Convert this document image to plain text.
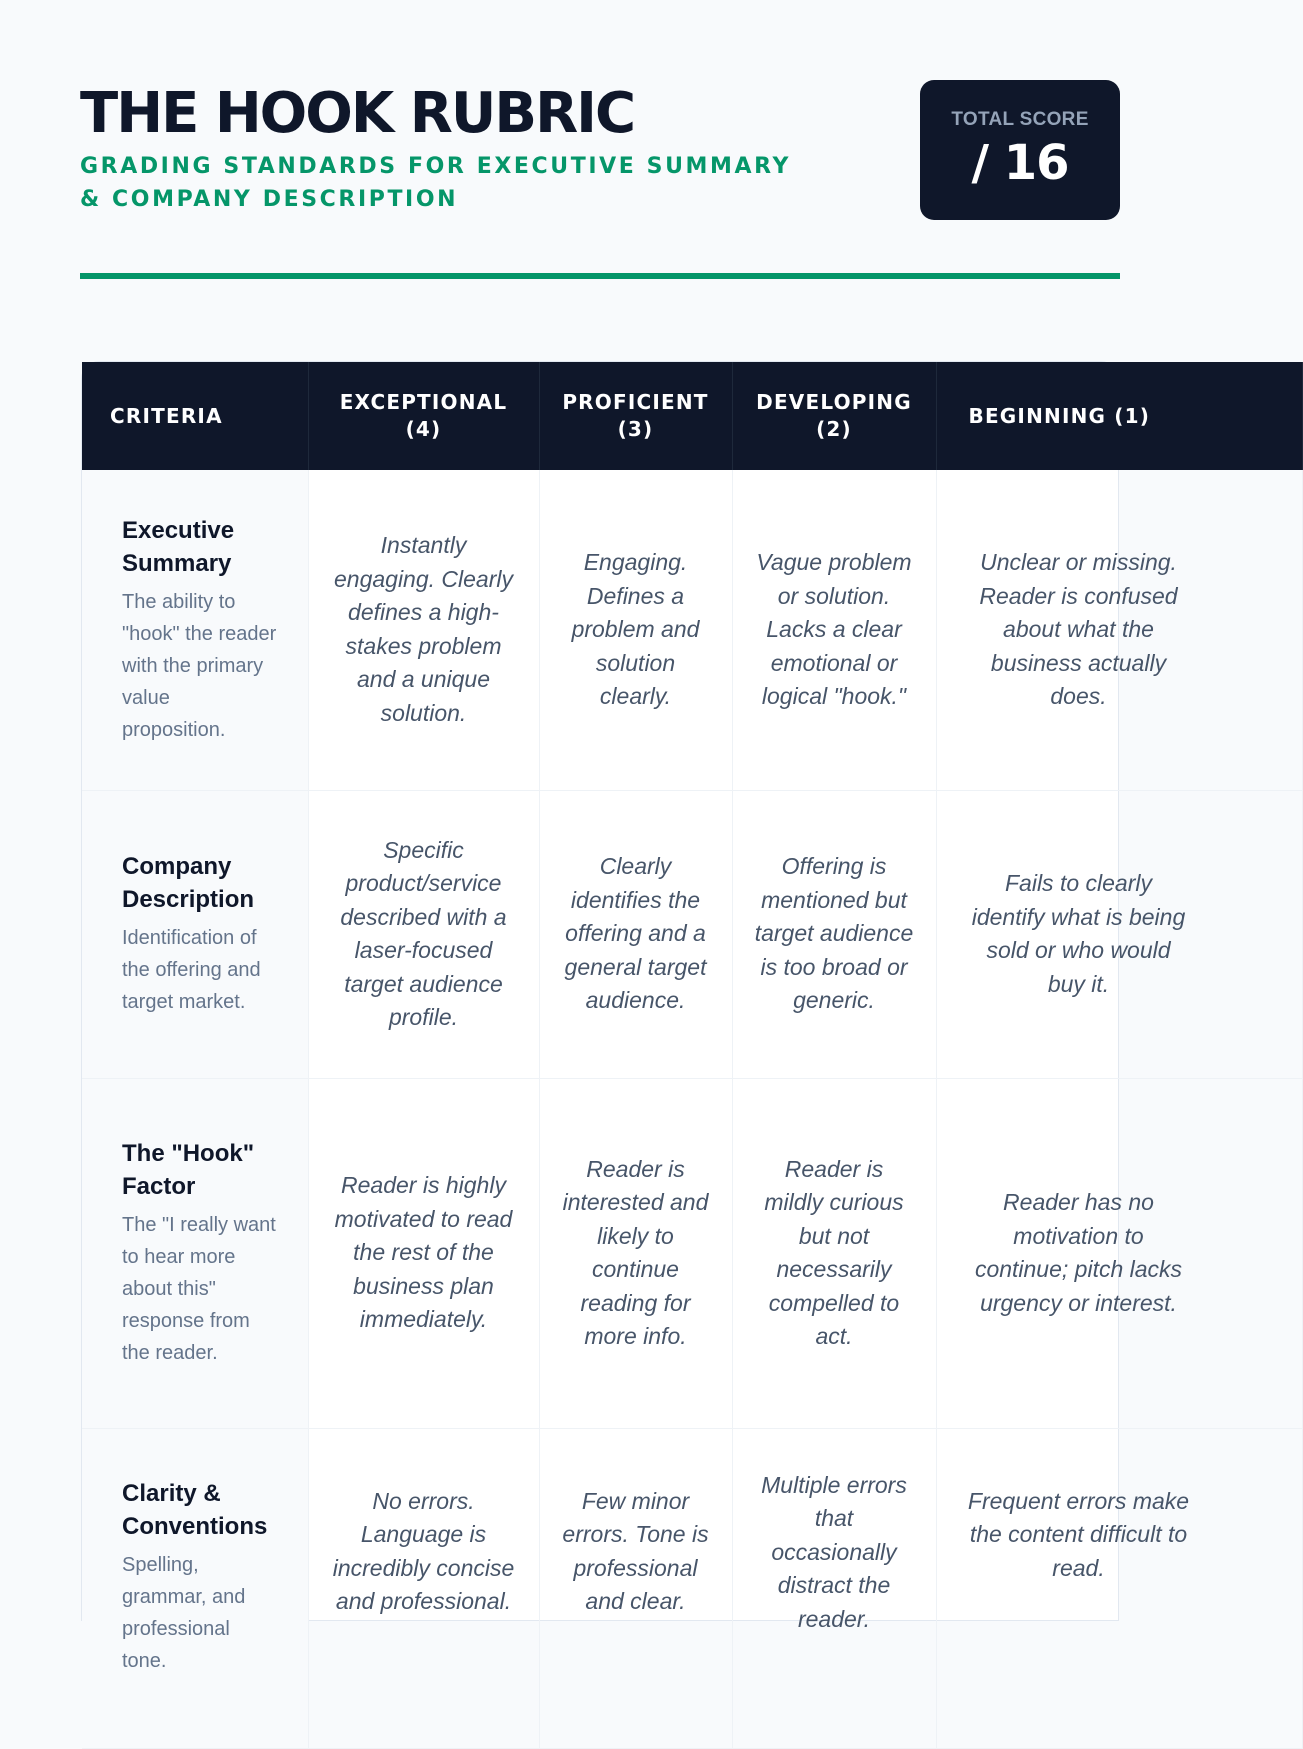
THE HOOK RUBRIC
GRADING STANDARDS FOR EXECUTIVE SUMMARY & COMPANY DESCRIPTION
TOTAL SCORE
/ 16
CRITERIA	EXCEPTIONAL (4)	PROFICIENT (3)	DEVELOPING (2)	BEGINNING (1)

Executive Summary
The ability to "hook" the reader with the primary value proposition.	Instantly engaging. Clearly defines a high-stakes problem and a unique solution.	Engaging. Defines a problem and solution clearly.	Vague problem or solution. Lacks a clear emotional or logical "hook."	Unclear or missing. Reader is confused about what the business actually does.

Company Description
Identification of the offering and target market.	Specific product/service described with a laser-focused target audience profile.	Clearly identifies the offering and a general target audience.	Offering is mentioned but target audience is too broad or generic.	Fails to clearly identify what is being sold or who would buy it.

The "Hook" Factor
The "I really want to hear more about this" response from the reader.	Reader is highly motivated to read the rest of the business plan immediately.	Reader is interested and likely to continue reading for more info.	Reader is mildly curious but not necessarily compelled to act.	Reader has no motivation to continue; pitch lacks urgency or interest.

Clarity & Conventions
Spelling, grammar, and professional tone.	No errors. Language is incredibly concise and professional.	Few minor errors. Tone is professional and clear.	Multiple errors that occasionally distract the reader.	Frequent errors make the content difficult to read.
